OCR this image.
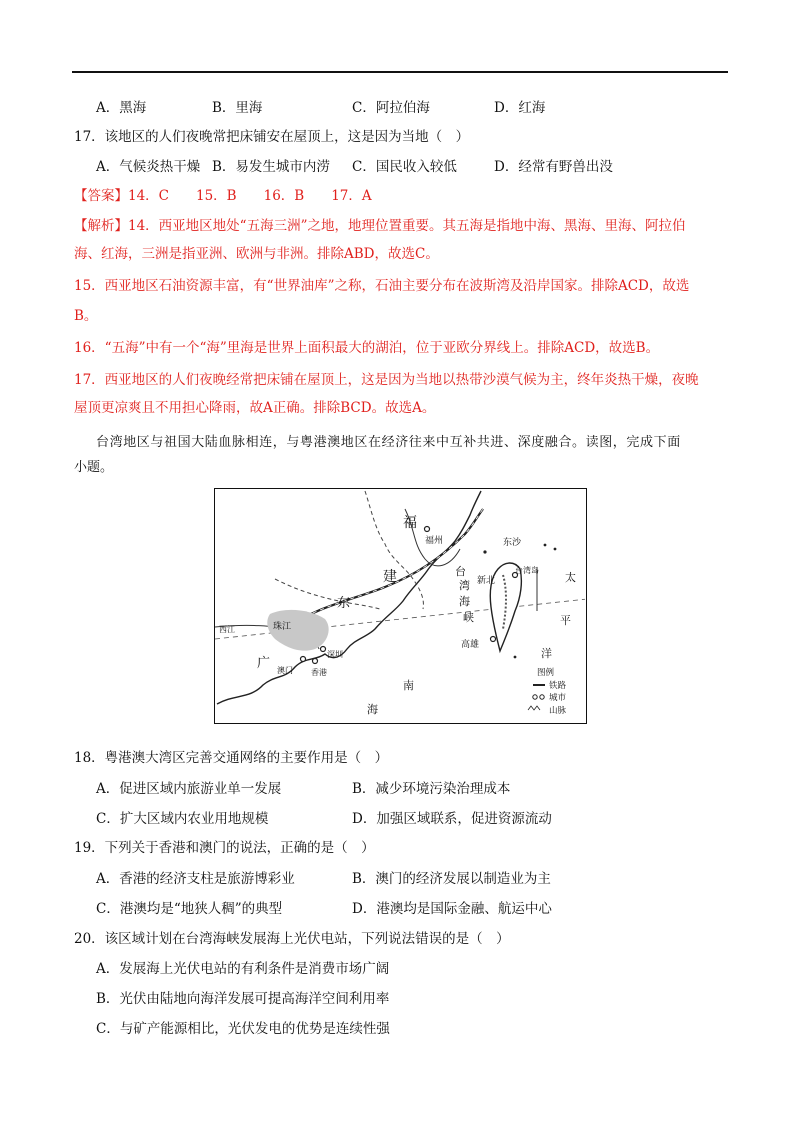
A．黑海	B．里海	C．阿拉伯海	D．红海
17．该地区的人们夜晚常把床铺安在屋顶上，这是因为当地（　）
A．气候炎热干燥 B．易发生城市内涝 C．国民收入较低	D．经常有野兽出没
【答案】14．C　　15．B　　16．B　　17．A
【解析】14．西亚地区地处“五海三洲”之地，地理位置重要。其五海是指地中海、黑海、里海、阿拉伯
海、红海，三洲是指亚洲、欧洲与非洲。排除ABD，故选C。
15．西亚地区石油资源丰富，有“世界油库”之称，石油主要分布在波斯湾及沿岸国家。排除ACD，故选
B。
16．“五海”中有一个“海”里海是世界上面积最大的湖泊，位于亚欧分界线上。排除ACD，故选B。
17．西亚地区的人们夜晚经常把床铺在屋顶上，这是因为当地以热带沙漠气候为主，终年炎热干燥，夜晚
屋顶更凉爽且不用担心降雨，故A正确。排除BCD。故选A。
台湾地区与祖国大陆血脉相连，与粤港澳地区在经济往来中互补共进、深度融合。读图，完成下面
小题。
福
福州
建
东
广
珠江
西江
深圳
香港
澳门
台
湾
海
峡
新北
高雄
台湾岛
东沙
南
海
太
平
洋
图例
铁路
城市
山脉
18．粤港澳大湾区完善交通网络的主要作用是（　）
A．促进区域内旅游业单一发展	B．减少环境污染治理成本
C．扩大区域内农业用地规模	D．加强区域联系，促进资源流动
19．下列关于香港和澳门的说法，正确的是（　）
A．香港的经济支柱是旅游博彩业	B．澳门的经济发展以制造业为主
C．港澳均是“地狭人稠”的典型	D．港澳均是国际金融、航运中心
20．该区域计划在台湾海峡发展海上光伏电站，下列说法错误的是（　）
A．发展海上光伏电站的有利条件是消费市场广阔
B．光伏由陆地向海洋发展可提高海洋空间利用率
C．与矿产能源相比，光伏发电的优势是连续性强
